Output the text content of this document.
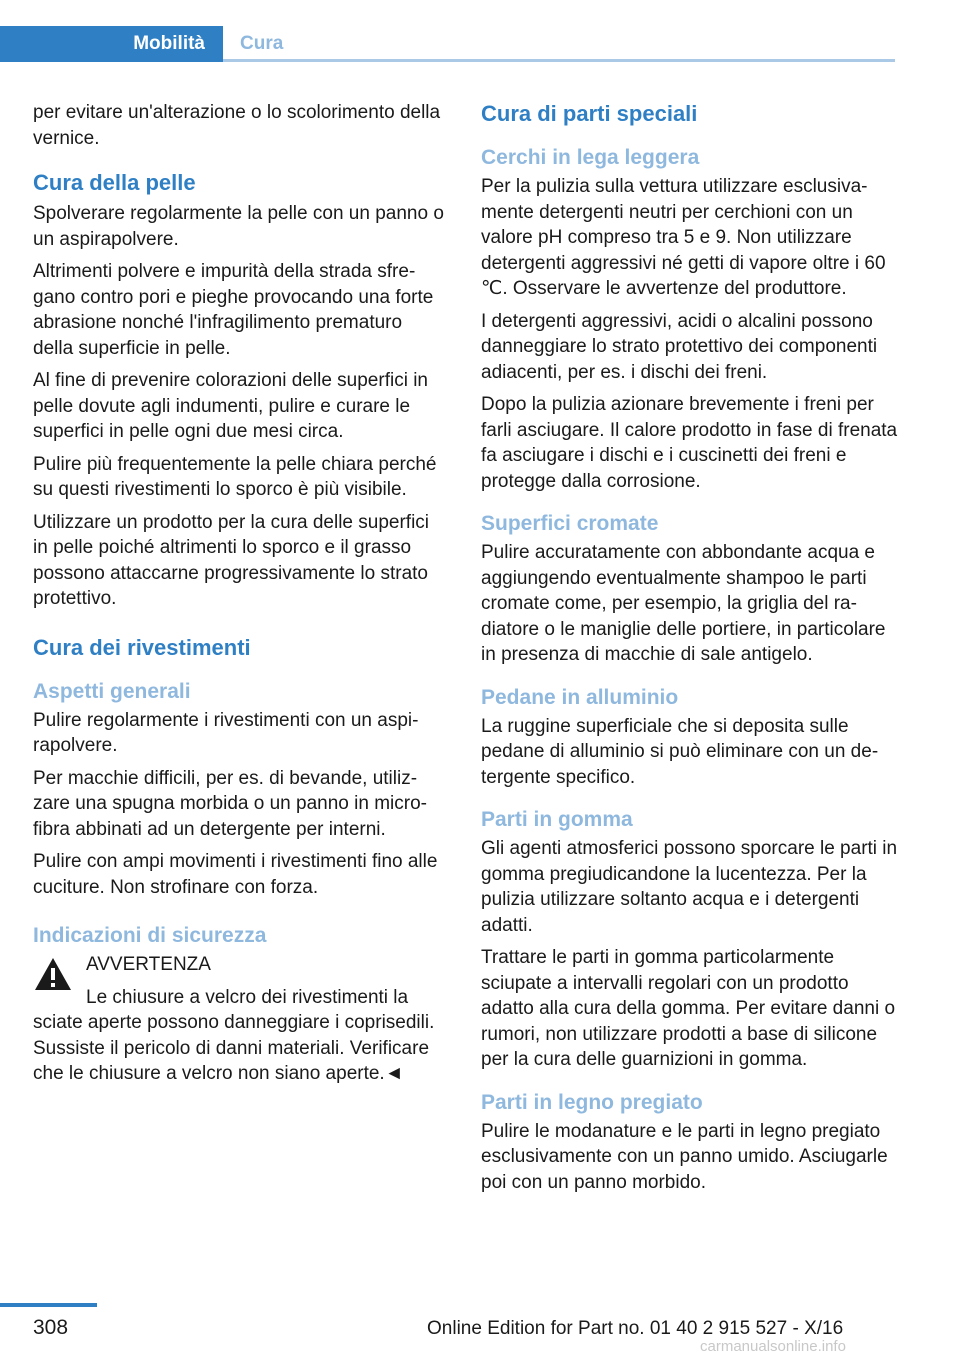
Mobilità	Cura

per evitare un'alterazione o lo scolorimento della vernice.

Cura della pelle

Spolverare regolarmente la pelle con un panno o un aspirapolvere.

Altrimenti polvere e impurità della strada sfregano contro pori e pieghe provocando una forte abrasione nonché l'infragilimento prematuro della superficie in pelle.

Al fine di prevenire colorazioni delle superfici in pelle dovute agli indumenti, pulire e curare le superfici in pelle ogni due mesi circa.

Pulire più frequentemente la pelle chiara perché su questi rivestimenti lo sporco è più visibile.

Utilizzare un prodotto per la cura delle superfici in pelle poiché altrimenti lo sporco e il grasso possono attaccarne progressivamente lo strato protettivo.

Cura dei rivestimenti
Aspetti generali

Pulire regolarmente i rivestimenti con un aspirapolvere.

Per macchie difficili, per es. di bevande, utilizzare una spugna morbida o un panno in microfibra abbinati ad un detergente per interni.

Pulire con ampi movimenti i rivestimenti fino alle cuciture. Non strofinare con forza.

Indicazioni di sicurezza
AVVERTENZA
Le chiusure a velcro dei rivestimenti la
sciate aperte possono danneggiare i coprisedili. Sussiste il pericolo di danni materiali. Verificare che le chiusure a velcro non siano aperte.◄
Cura di parti speciali
Cerchi in lega leggera

Per la pulizia sulla vettura utilizzare esclusivamente detergenti neutri per cerchioni con un valore pH compreso tra 5 e 9. Non utilizzare detergenti aggressivi né getti di vapore oltre i 60 ℃. Osservare le avvertenze del produttore.

I detergenti aggressivi, acidi o alcalini possono danneggiare lo strato protettivo dei componenti adiacenti, per es. i dischi dei freni.

Dopo la pulizia azionare brevemente i freni per farli asciugare. Il calore prodotto in fase di frenata fa asciugare i dischi e i cuscinetti dei freni e protegge dalla corrosione.

Superfici cromate

Pulire accuratamente con abbondante acqua e aggiungendo eventualmente shampoo le parti cromate come, per esempio, la griglia del radiatore o le maniglie delle portiere, in particolare in presenza di macchie di sale antigelo.

Pedane in alluminio

La ruggine superficiale che si deposita sulle pedane di alluminio si può eliminare con un detergente specifico.

Parti in gomma

Gli agenti atmosferici possono sporcare le parti in gomma pregiudicandone la lucentezza. Per la pulizia utilizzare soltanto acqua e i detergenti adatti.

Trattare le parti in gomma particolarmente sciupate a intervalli regolari con un prodotto adatto alla cura della gomma. Per evitare danni o rumori, non utilizzare prodotti a base di silicone per la cura delle guarnizioni in gomma.

Parti in legno pregiato

Pulire le modanature e le parti in legno pregiato esclusivamente con un panno umido. Asciugarle poi con un panno morbido.

308	Online Edition for Part no. 01 40 2 915 527 - X/16
carmanualsonline.info
